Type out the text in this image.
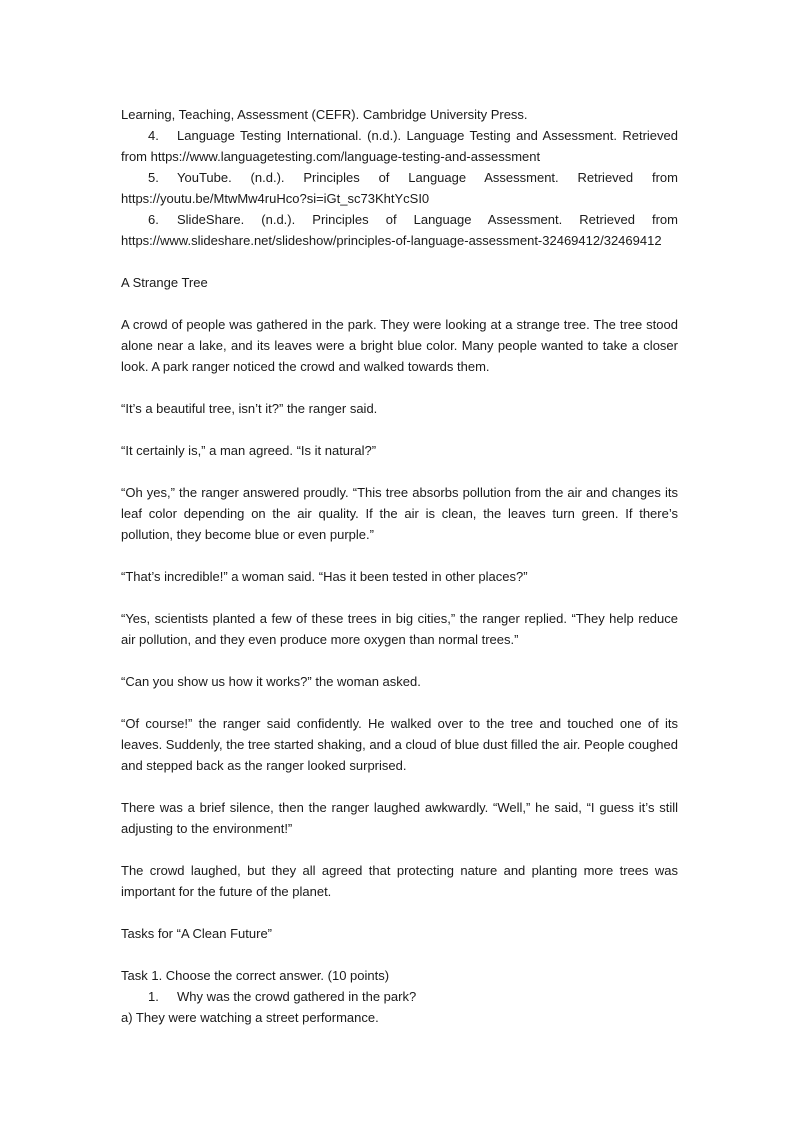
Learning, Teaching, Assessment (CEFR). Cambridge University Press.

4.	Language Testing International. (n.d.). Language Testing and Assessment. Retrieved

from https://www.languagetesting.com/language-testing-and-assessment

5.	YouTube. (n.d.). Principles of Language Assessment. Retrieved from

https://youtu.be/MtwMw4ruHco?si=iGt_sc73KhtYcSI0

6.	SlideShare. (n.d.). Principles of Language Assessment. Retrieved from

https://www.slideshare.net/slideshow/principles-of-language-assessment-32469412/32469412

A Strange Tree

A crowd of people was gathered in the park. They were looking at a strange tree. The tree stood alone near a lake, and its leaves were a bright blue color. Many people wanted to take a closer look. A park ranger noticed the crowd and walked towards them.

“It’s a beautiful tree, isn’t it?” the ranger said.

“It certainly is,” a man agreed. “Is it natural?”

“Oh yes,” the ranger answered proudly. “This tree absorbs pollution from the air and changes its leaf color depending on the air quality. If the air is clean, the leaves turn green. If there’s pollution, they become blue or even purple.”

“That’s incredible!” a woman said. “Has it been tested in other places?”

“Yes, scientists planted a few of these trees in big cities,” the ranger replied. “They help reduce air pollution, and they even produce more oxygen than normal trees.”

“Can you show us how it works?” the woman asked.

“Of course!” the ranger said confidently. He walked over to the tree and touched one of its leaves. Suddenly, the tree started shaking, and a cloud of blue dust filled the air. People coughed and stepped back as the ranger looked surprised.

There was a brief silence, then the ranger laughed awkwardly. “Well,” he said, “I guess it’s still adjusting to the environment!”

The crowd laughed, but they all agreed that protecting nature and planting more trees was important for the future of the planet.

Tasks for “A Clean Future”

Task 1. Choose the correct answer. (10 points)

1.	Why was the crowd gathered in the park?

a) They were watching a street performance.
